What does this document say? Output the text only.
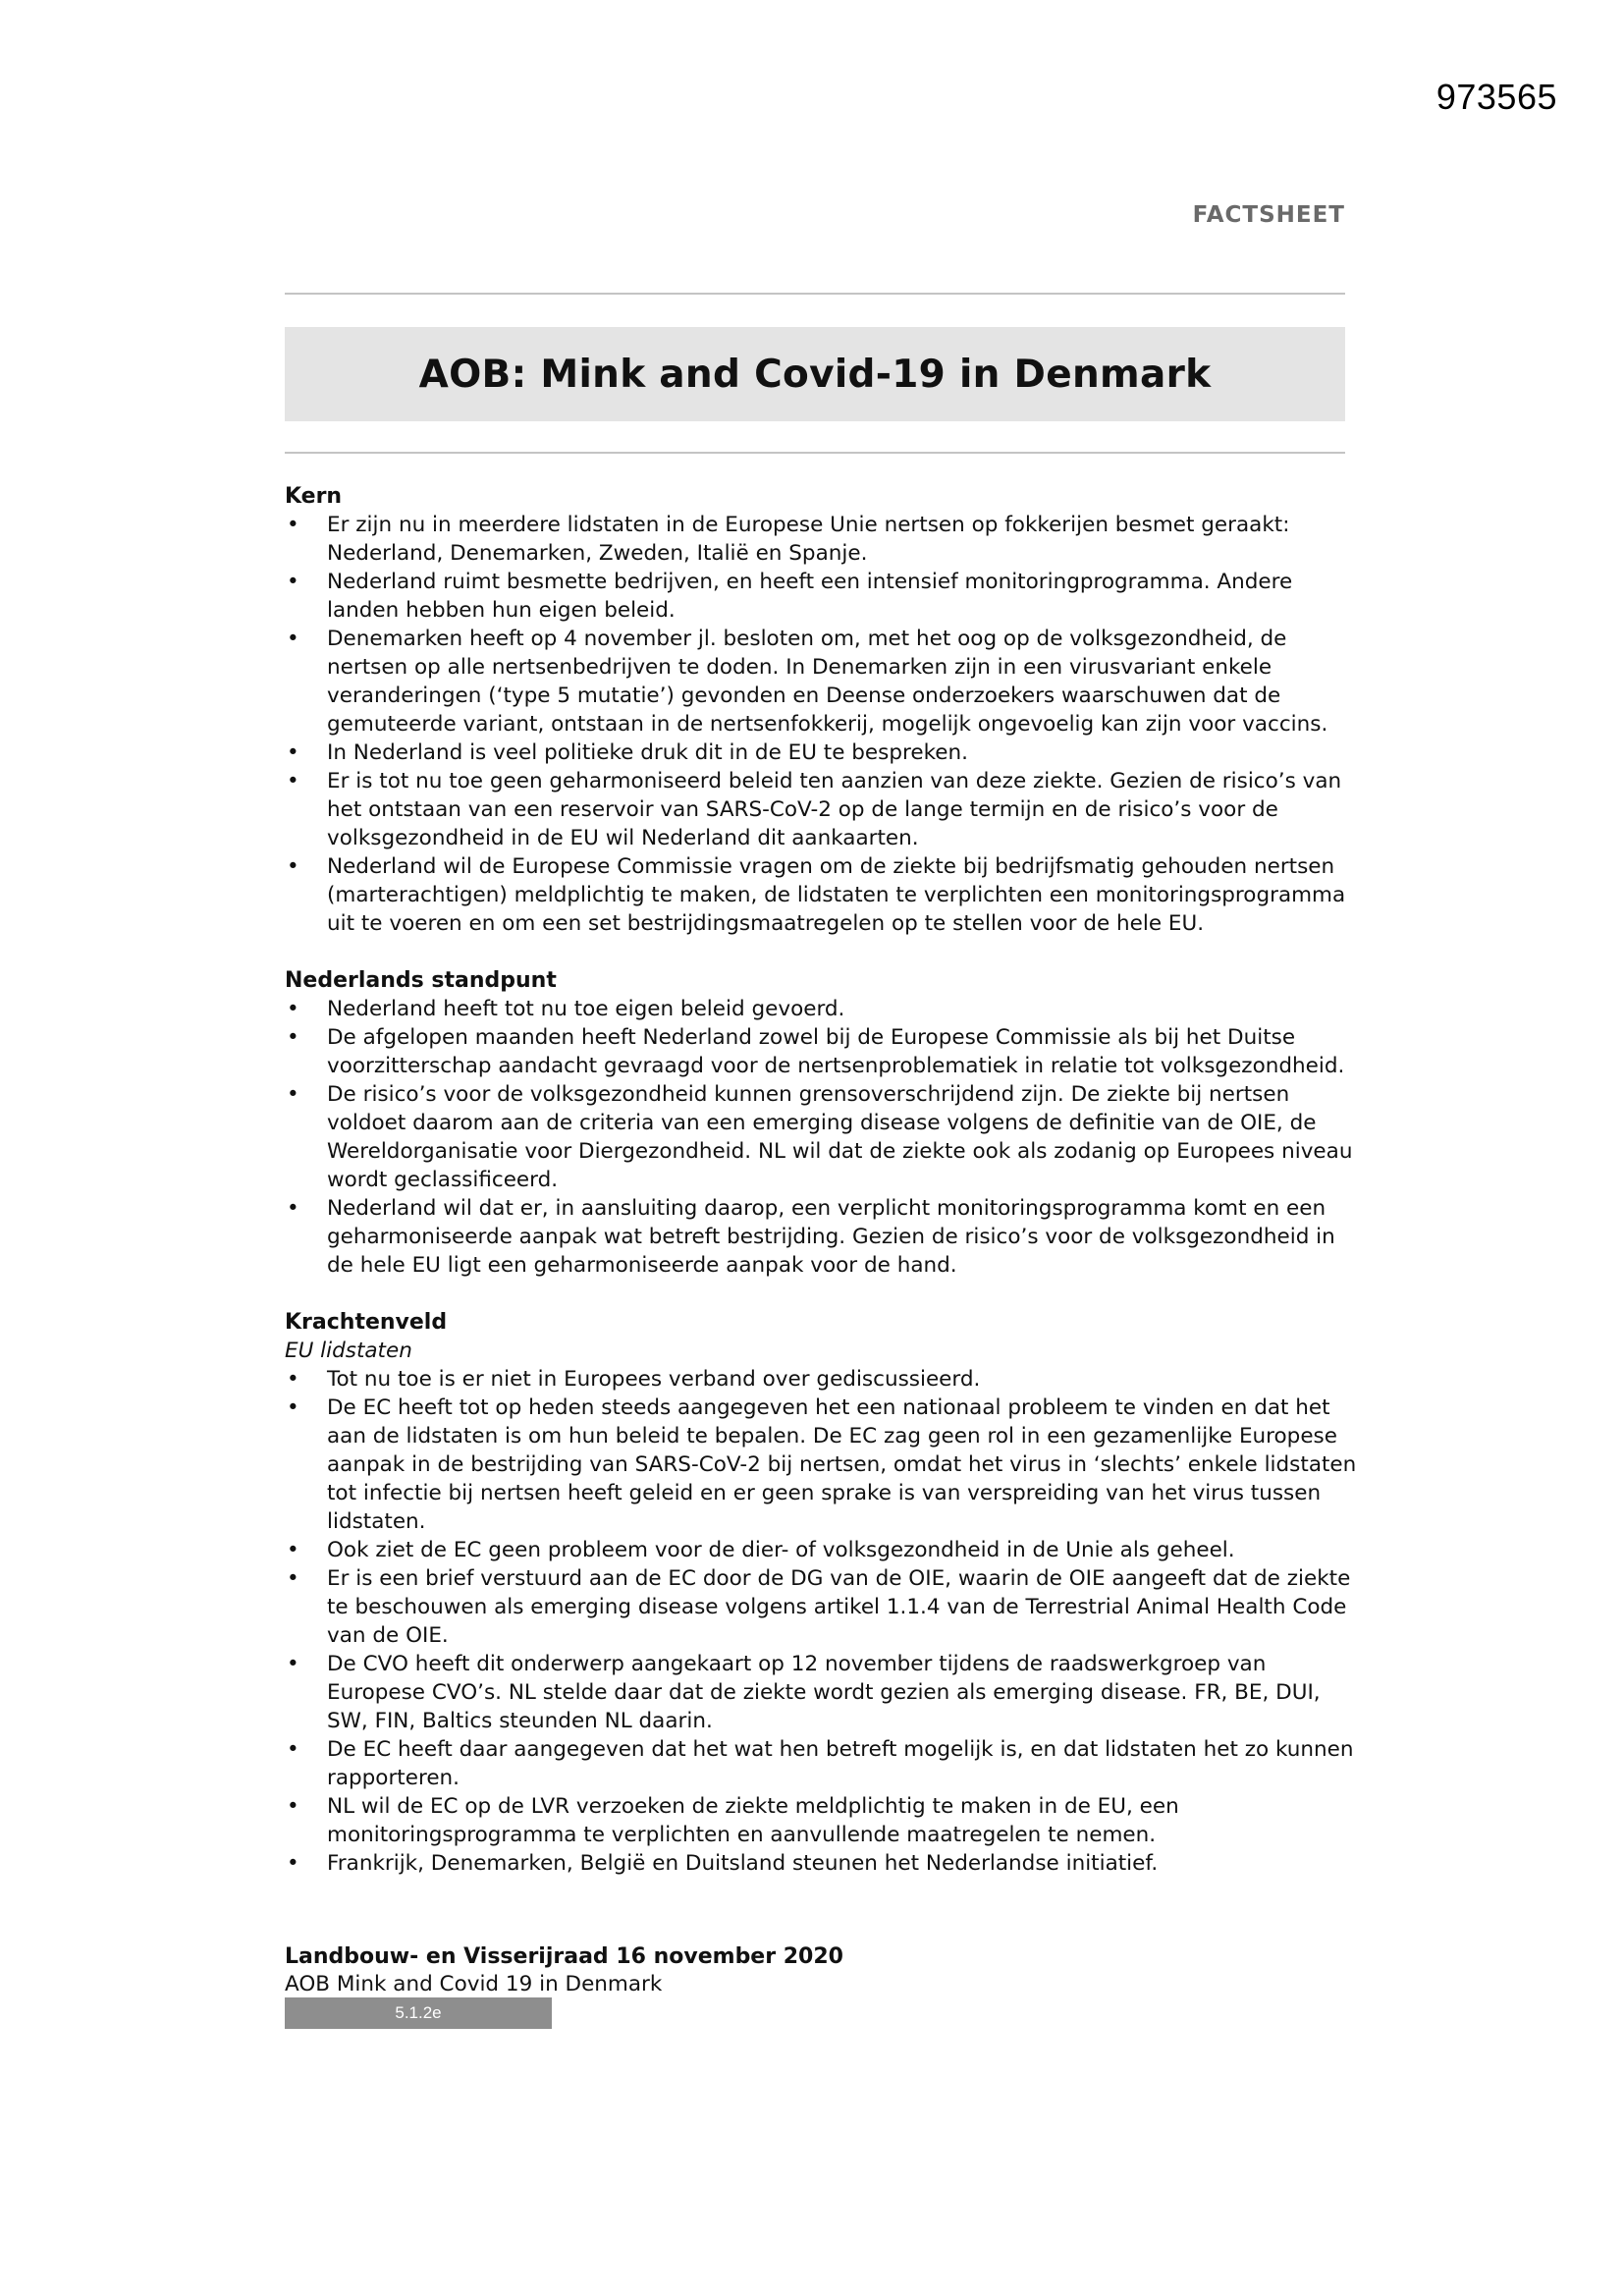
973565
FACTSHEET
AOB: Mink and Covid-19 in Denmark
Kern
• Er zijn nu in meerdere lidstaten in de Europese Unie nertsen op fokkerijen besmet geraakt: Nederland, Denemarken, Zweden, Italië en Spanje.
• Nederland ruimt besmette bedrijven, en heeft een intensief monitoringprogramma. Andere landen hebben hun eigen beleid.
• Denemarken heeft op 4 november jl. besloten om, met het oog op de volksgezondheid, de nertsen op alle nertsenbedrijven te doden. In Denemarken zijn in een virusvariant enkele veranderingen (‘type 5 mutatie’) gevonden en Deense onderzoekers waarschuwen dat de gemuteerde variant, ontstaan in de nertsenfokkerij, mogelijk ongevoelig kan zijn voor vaccins.
• In Nederland is veel politieke druk dit in de EU te bespreken.
• Er is tot nu toe geen geharmoniseerd beleid ten aanzien van deze ziekte. Gezien de risico’s van het ontstaan van een reservoir van SARS-CoV-2 op de lange termijn en de risico’s voor de volksgezondheid in de EU wil Nederland dit aankaarten.
• Nederland wil de Europese Commissie vragen om de ziekte bij bedrijfsmatig gehouden nertsen (marterachtigen) meldplichtig te maken, de lidstaten te verplichten een monitoringsprogramma uit te voeren en om een set bestrijdingsmaatregelen op te stellen voor de hele EU.
Nederlands standpunt
• Nederland heeft tot nu toe eigen beleid gevoerd.
• De afgelopen maanden heeft Nederland zowel bij de Europese Commissie als bij het Duitse voorzitterschap aandacht gevraagd voor de nertsenproblematiek in relatie tot volksgezondheid.
• De risico’s voor de volksgezondheid kunnen grensoverschrijdend zijn. De ziekte bij nertsen voldoet daarom aan de criteria van een emerging disease volgens de definitie van de OIE, de Wereldorganisatie voor Diergezondheid. NL wil dat de ziekte ook als zodanig op Europees niveau wordt geclassificeerd.
• Nederland wil dat er, in aansluiting daarop, een verplicht monitoringsprogramma komt en een geharmoniseerde aanpak wat betreft bestrijding. Gezien de risico’s voor de volksgezondheid in de hele EU ligt een geharmoniseerde aanpak voor de hand.
Krachtenveld
EU lidstaten
• Tot nu toe is er niet in Europees verband over gediscussieerd.
• De EC heeft tot op heden steeds aangegeven het een nationaal probleem te vinden en dat het aan de lidstaten is om hun beleid te bepalen. De EC zag geen rol in een gezamenlijke Europese aanpak in de bestrijding van SARS-CoV-2 bij nertsen, omdat het virus in ‘slechts’ enkele lidstaten tot infectie bij nertsen heeft geleid en er geen sprake is van verspreiding van het virus tussen lidstaten.
• Ook ziet de EC geen probleem voor de dier- of volksgezondheid in de Unie als geheel.
• Er is een brief verstuurd aan de EC door de DG van de OIE, waarin de OIE aangeeft dat de ziekte te beschouwen als emerging disease volgens artikel 1.1.4 van de Terrestrial Animal Health Code van de OIE.
• De CVO heeft dit onderwerp aangekaart op 12 november tijdens de raadswerkgroep van Europese CVO’s. NL stelde daar dat de ziekte wordt gezien als emerging disease. FR, BE, DUI, SW, FIN, Baltics steunden NL daarin.
• De EC heeft daar aangegeven dat het wat hen betreft mogelijk is, en dat lidstaten het zo kunnen rapporteren.
• NL wil de EC op de LVR verzoeken de ziekte meldplichtig te maken in de EU, een monitoringsprogramma te verplichten en aanvullende maatregelen te nemen.
• Frankrijk, Denemarken, België en Duitsland steunen het Nederlandse initiatief.
Landbouw- en Visserijraad 16 november 2020
AOB Mink and Covid 19 in Denmark
5.1.2e
